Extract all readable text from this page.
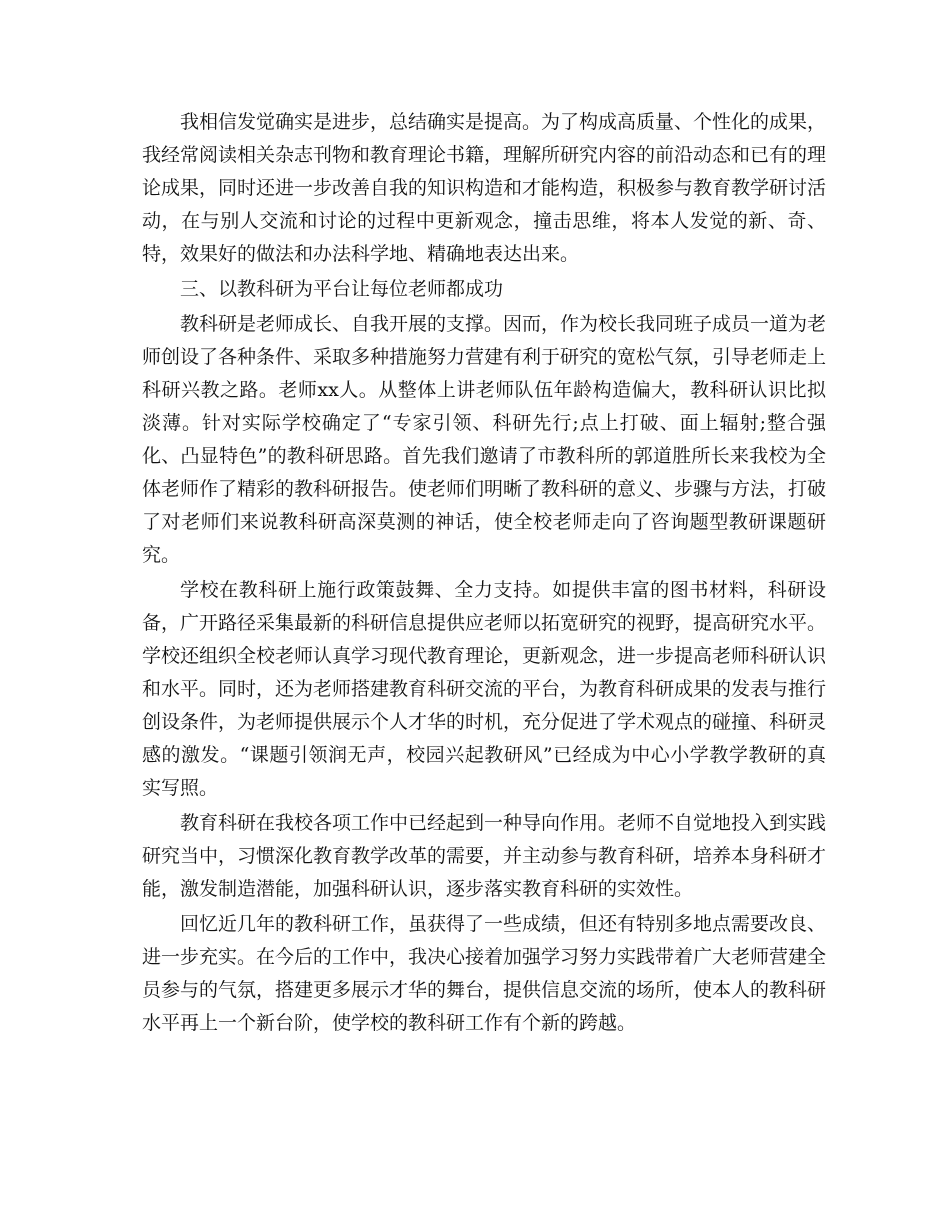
我相信发觉确实是进步，总结确实是提高。为了构成高质量、个性化的成果，我经常阅读相关杂志刊物和教育理论书籍，理解所研究内容的前沿动态和已有的理论成果，同时还进一步改善自我的知识构造和才能构造，积极参与教育教学研讨活动，在与别人交流和讨论的过程中更新观念，撞击思维，将本人发觉的新、奇、特，效果好的做法和办法科学地、精确地表达出来。

三、以教科研为平台让每位老师都成功

教科研是老师成长、自我开展的支撑。因而，作为校长我同班子成员一道为老师创设了各种条件、采取多种措施努力营建有利于研究的宽松气氛，引导老师走上科研兴教之路。老师xx人。从整体上讲老师队伍年龄构造偏大，教科研认识比拟淡薄。针对实际学校确定了“专家引领、科研先行;点上打破、面上辐射;整合强化、凸显特色”的教科研思路。首先我们邀请了市教科所的郭道胜所长来我校为全体老师作了精彩的教科研报告。使老师们明晰了教科研的意义、步骤与方法，打破了对老师们来说教科研高深莫测的神话，使全校老师走向了咨询题型教研课题研究。

学校在教科研上施行政策鼓舞、全力支持。如提供丰富的图书材料，科研设备，广开路径采集最新的科研信息提供应老师以拓宽研究的视野，提高研究水平。学校还组织全校老师认真学习现代教育理论，更新观念，进一步提高老师科研认识和水平。同时，还为老师搭建教育科研交流的平台，为教育科研成果的发表与推行创设条件，为老师提供展示个人才华的时机，充分促进了学术观点的碰撞、科研灵感的激发。“课题引领润无声，校园兴起教研风”已经成为中心小学教学教研的真实写照。

教育科研在我校各项工作中已经起到一种导向作用。老师不自觉地投入到实践研究当中，习惯深化教育教学改革的需要，并主动参与教育科研，培养本身科研才能，激发制造潜能，加强科研认识，逐步落实教育科研的实效性。

回忆近几年的教科研工作，虽获得了一些成绩，但还有特别多地点需要改良、进一步充实。在今后的工作中，我决心接着加强学习努力实践带着广大老师营建全员参与的气氛，搭建更多展示才华的舞台，提供信息交流的场所，使本人的教科研水平再上一个新台阶，使学校的教科研工作有个新的跨越。
